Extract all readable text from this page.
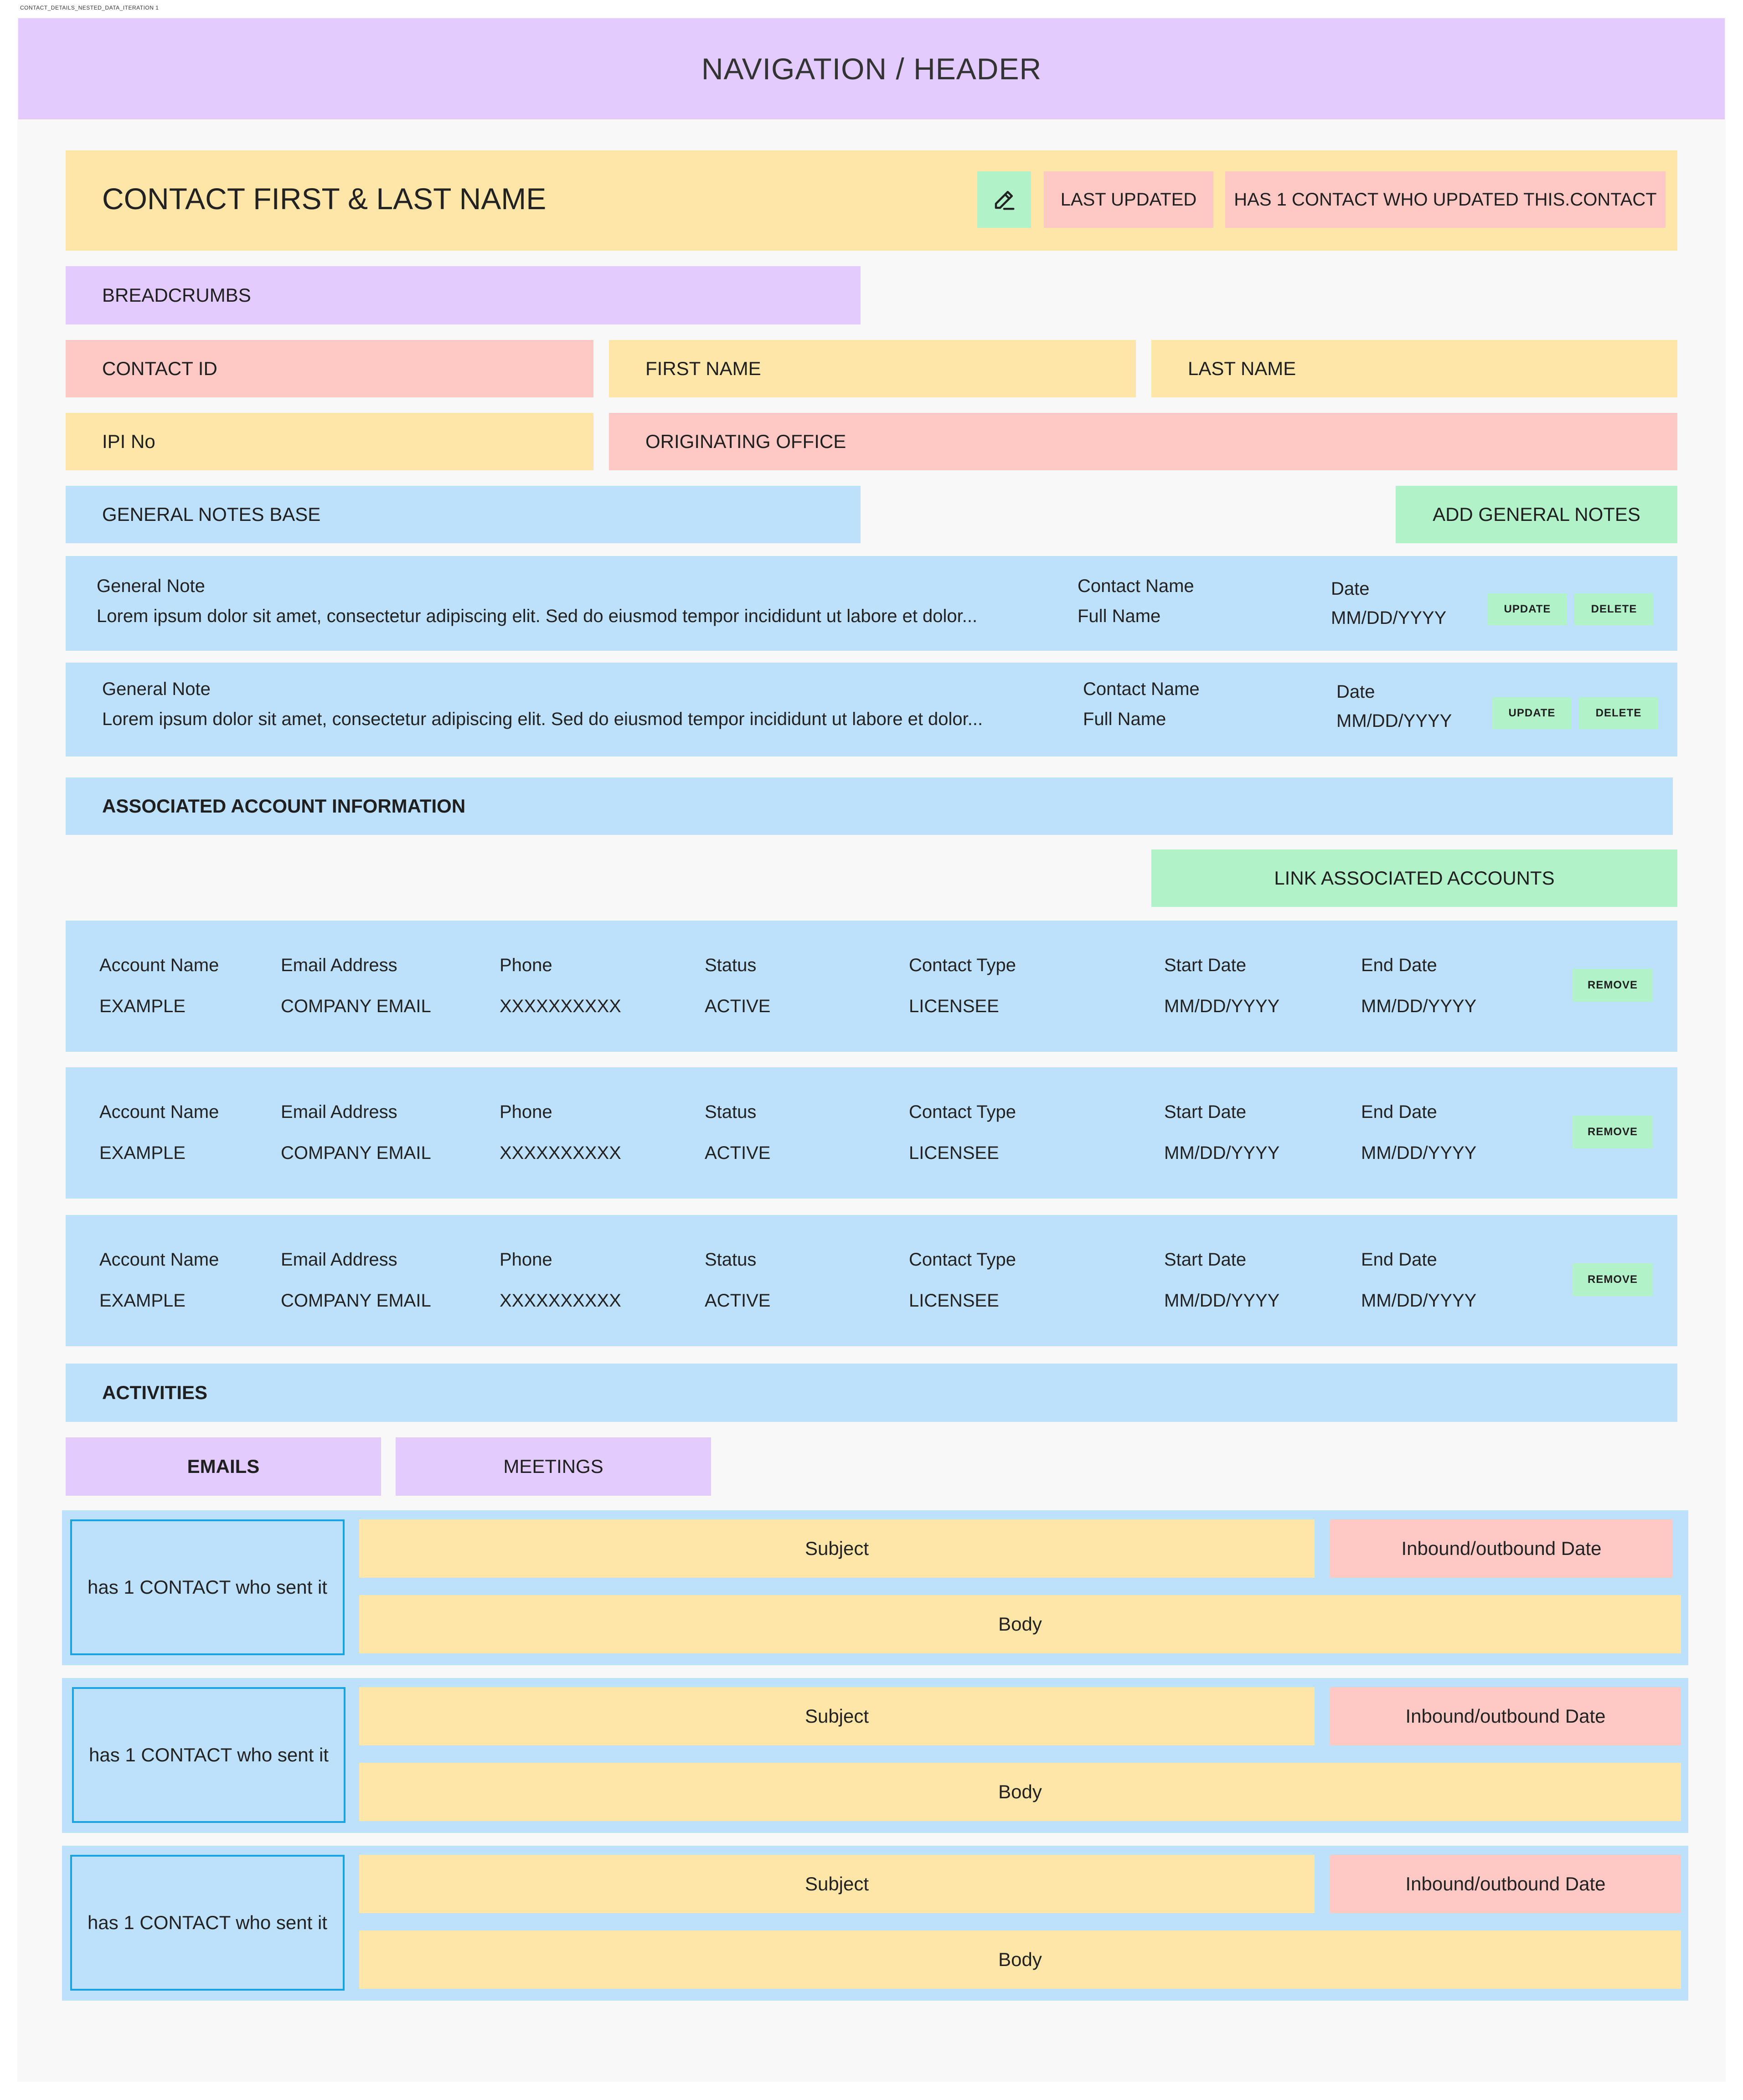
CONTACT_DETAILS_NESTED_DATA_ITERATION 1
NAVIGATION / HEADER
CONTACT FIRST & LAST NAME	LAST UPDATED HAS 1 CONTACT WHO UPDATED THIS.CONTACT
BREADCRUMBS
CONTACT ID	FIRST NAME	LAST NAME
IPI No	ORIGINATING OFFICE
GENERAL NOTES BASE	ADD GENERAL NOTES
General Note
Lorem ipsum dolor sit amet, consectetur adipiscing elit. Sed do eiusmod tempor incididunt ut labore et dolor...
Contact Name
Full Name
Date
MM/DD/YYYY	UPDATE	DELETE
General Note
Lorem ipsum dolor sit amet, consectetur adipiscing elit. Sed do eiusmod tempor incididunt ut labore et dolor...
Contact Name
Full Name
Date
MM/DD/YYYY	UPDATE	DELETE
ASSOCIATED ACCOUNT INFORMATION
LINK ASSOCIATED ACCOUNTS
Account Name	Email Address	Phone	Status	Contact Type	Start Date	End Date
EXAMPLE	COMPANY EMAIL	XXXXXXXXXX	ACTIVE	LICENSEE	MM/DD/YYYY	MM/DD/YYYY
REMOVE
Account Name	Email Address	Phone	Status	Contact Type	Start Date	End Date
EXAMPLE	COMPANY EMAIL	XXXXXXXXXX	ACTIVE	LICENSEE	MM/DD/YYYY	MM/DD/YYYY
REMOVE
Account Name	Email Address	Phone	Status	Contact Type	Start Date	End Date
EXAMPLE	COMPANY EMAIL	XXXXXXXXXX	ACTIVE	LICENSEE	MM/DD/YYYY	MM/DD/YYYY
REMOVE
ACTIVITIES
EMAILS	MEETINGS
has 1 CONTACT who sent it
Subject	Inbound/outbound Date
Body
has 1 CONTACT who sent it
Subject	Inbound/outbound Date
Body
has 1 CONTACT who sent it
Subject	Inbound/outbound Date
Body
